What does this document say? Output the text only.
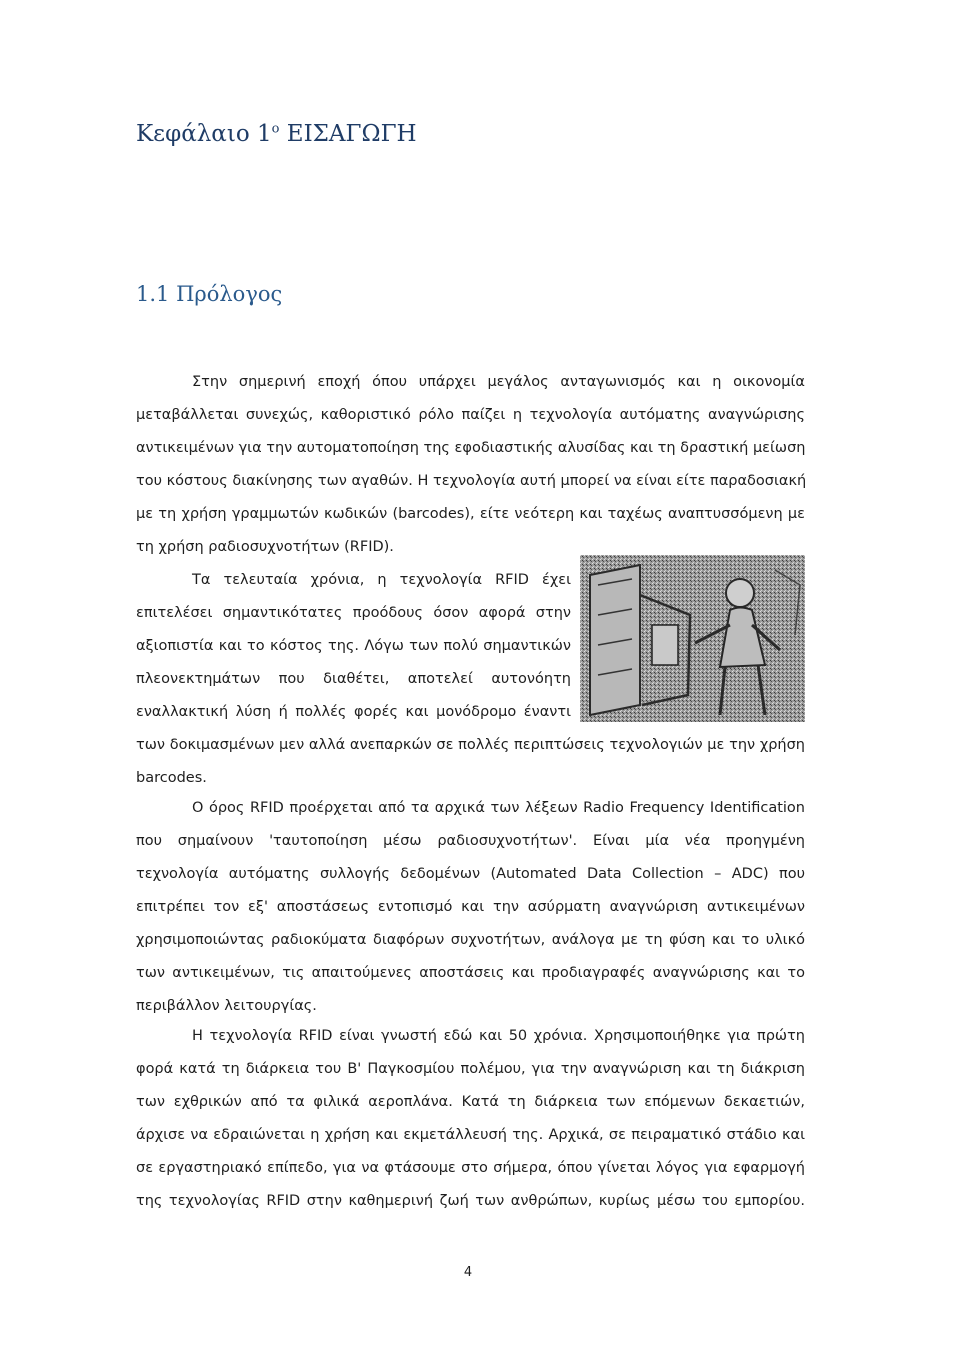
Κεφάλαιο $1^o$ ΕΙΣΑΓΩΓΗ
1.1 Πρόλογος

Στην σημερινή εποχή όπου υπάρχει μεγάλος ανταγωνισμός και η οικονομία

μεταβάλλεται συνεχώς, καθοριστικό ρόλο παίζει η τεχνολογία αυτόματης αναγνώρισης

αντικειμένων για την αυτοματοποίηση της εφοδιαστικής αλυσίδας και τη δραστική μείωση

του κόστους διακίνησης των αγαθών. Η τεχνολογία αυτή μπορεί να είναι είτε παραδοσιακή

με τη χρήση γραμμωτών κωδικών (barcodes), είτε νεότερη και ταχέως αναπτυσσόμενη με

τη χρήση ραδιοσυχνοτήτων (RFID).

Τα τελευταία χρόνια, η τεχνολογία RFID έχει

επιτελέσει σημαντικότατες προόδους όσον αφορά στην

αξιοπιστία και το κόστος της. Λόγω των πολύ σημαντικών

πλεονεκτημάτων που διαθέτει, αποτελεί αυτονόητη

εναλλακτική λύση ή πολλές φορές και μονόδρομο έναντι

των δοκιμασμένων μεν αλλά ανεπαρκών σε πολλές περιπτώσεις τεχνολογιών με την χρήση

barcodes.

Ο όρος RFID προέρχεται από τα αρχικά των λέξεων Radio Frequency Identification

που σημαίνουν 'ταυτοποίηση μέσω ραδιοσυχνοτήτων'. Είναι μία νέα προηγμένη

τεχνολογία αυτόματης συλλογής δεδομένων (Automated Data Collection – ADC) που

επιτρέπει τον εξ' αποστάσεως εντοπισμό και την ασύρματη αναγνώριση αντικειμένων

χρησιμοποιώντας ραδιοκύματα διαφόρων συχνοτήτων, ανάλογα με τη φύση και το υλικό

των αντικειμένων, τις απαιτούμενες αποστάσεις και προδιαγραφές αναγνώρισης και το

περιβάλλον λειτουργίας.

Η τεχνολογία RFID είναι γνωστή εδώ και 50 χρόνια. Χρησιμοποιήθηκε για πρώτη

φορά κατά τη διάρκεια του Β' Παγκοσμίου πολέμου, για την αναγνώριση και τη διάκριση

των εχθρικών από τα φιλικά αεροπλάνα. Κατά τη διάρκεια των επόμενων δεκαετιών,

άρχισε να εδραιώνεται η χρήση και εκμετάλλευσή της. Αρχικά, σε πειραματικό στάδιο και

σε εργαστηριακό επίπεδο, για να φτάσουμε στο σήμερα, όπου γίνεται λόγος για εφαρμογή

της τεχνολογίας RFID στην καθημερινή ζωή των ανθρώπων, κυρίως μέσω του εμπορίου.

4
